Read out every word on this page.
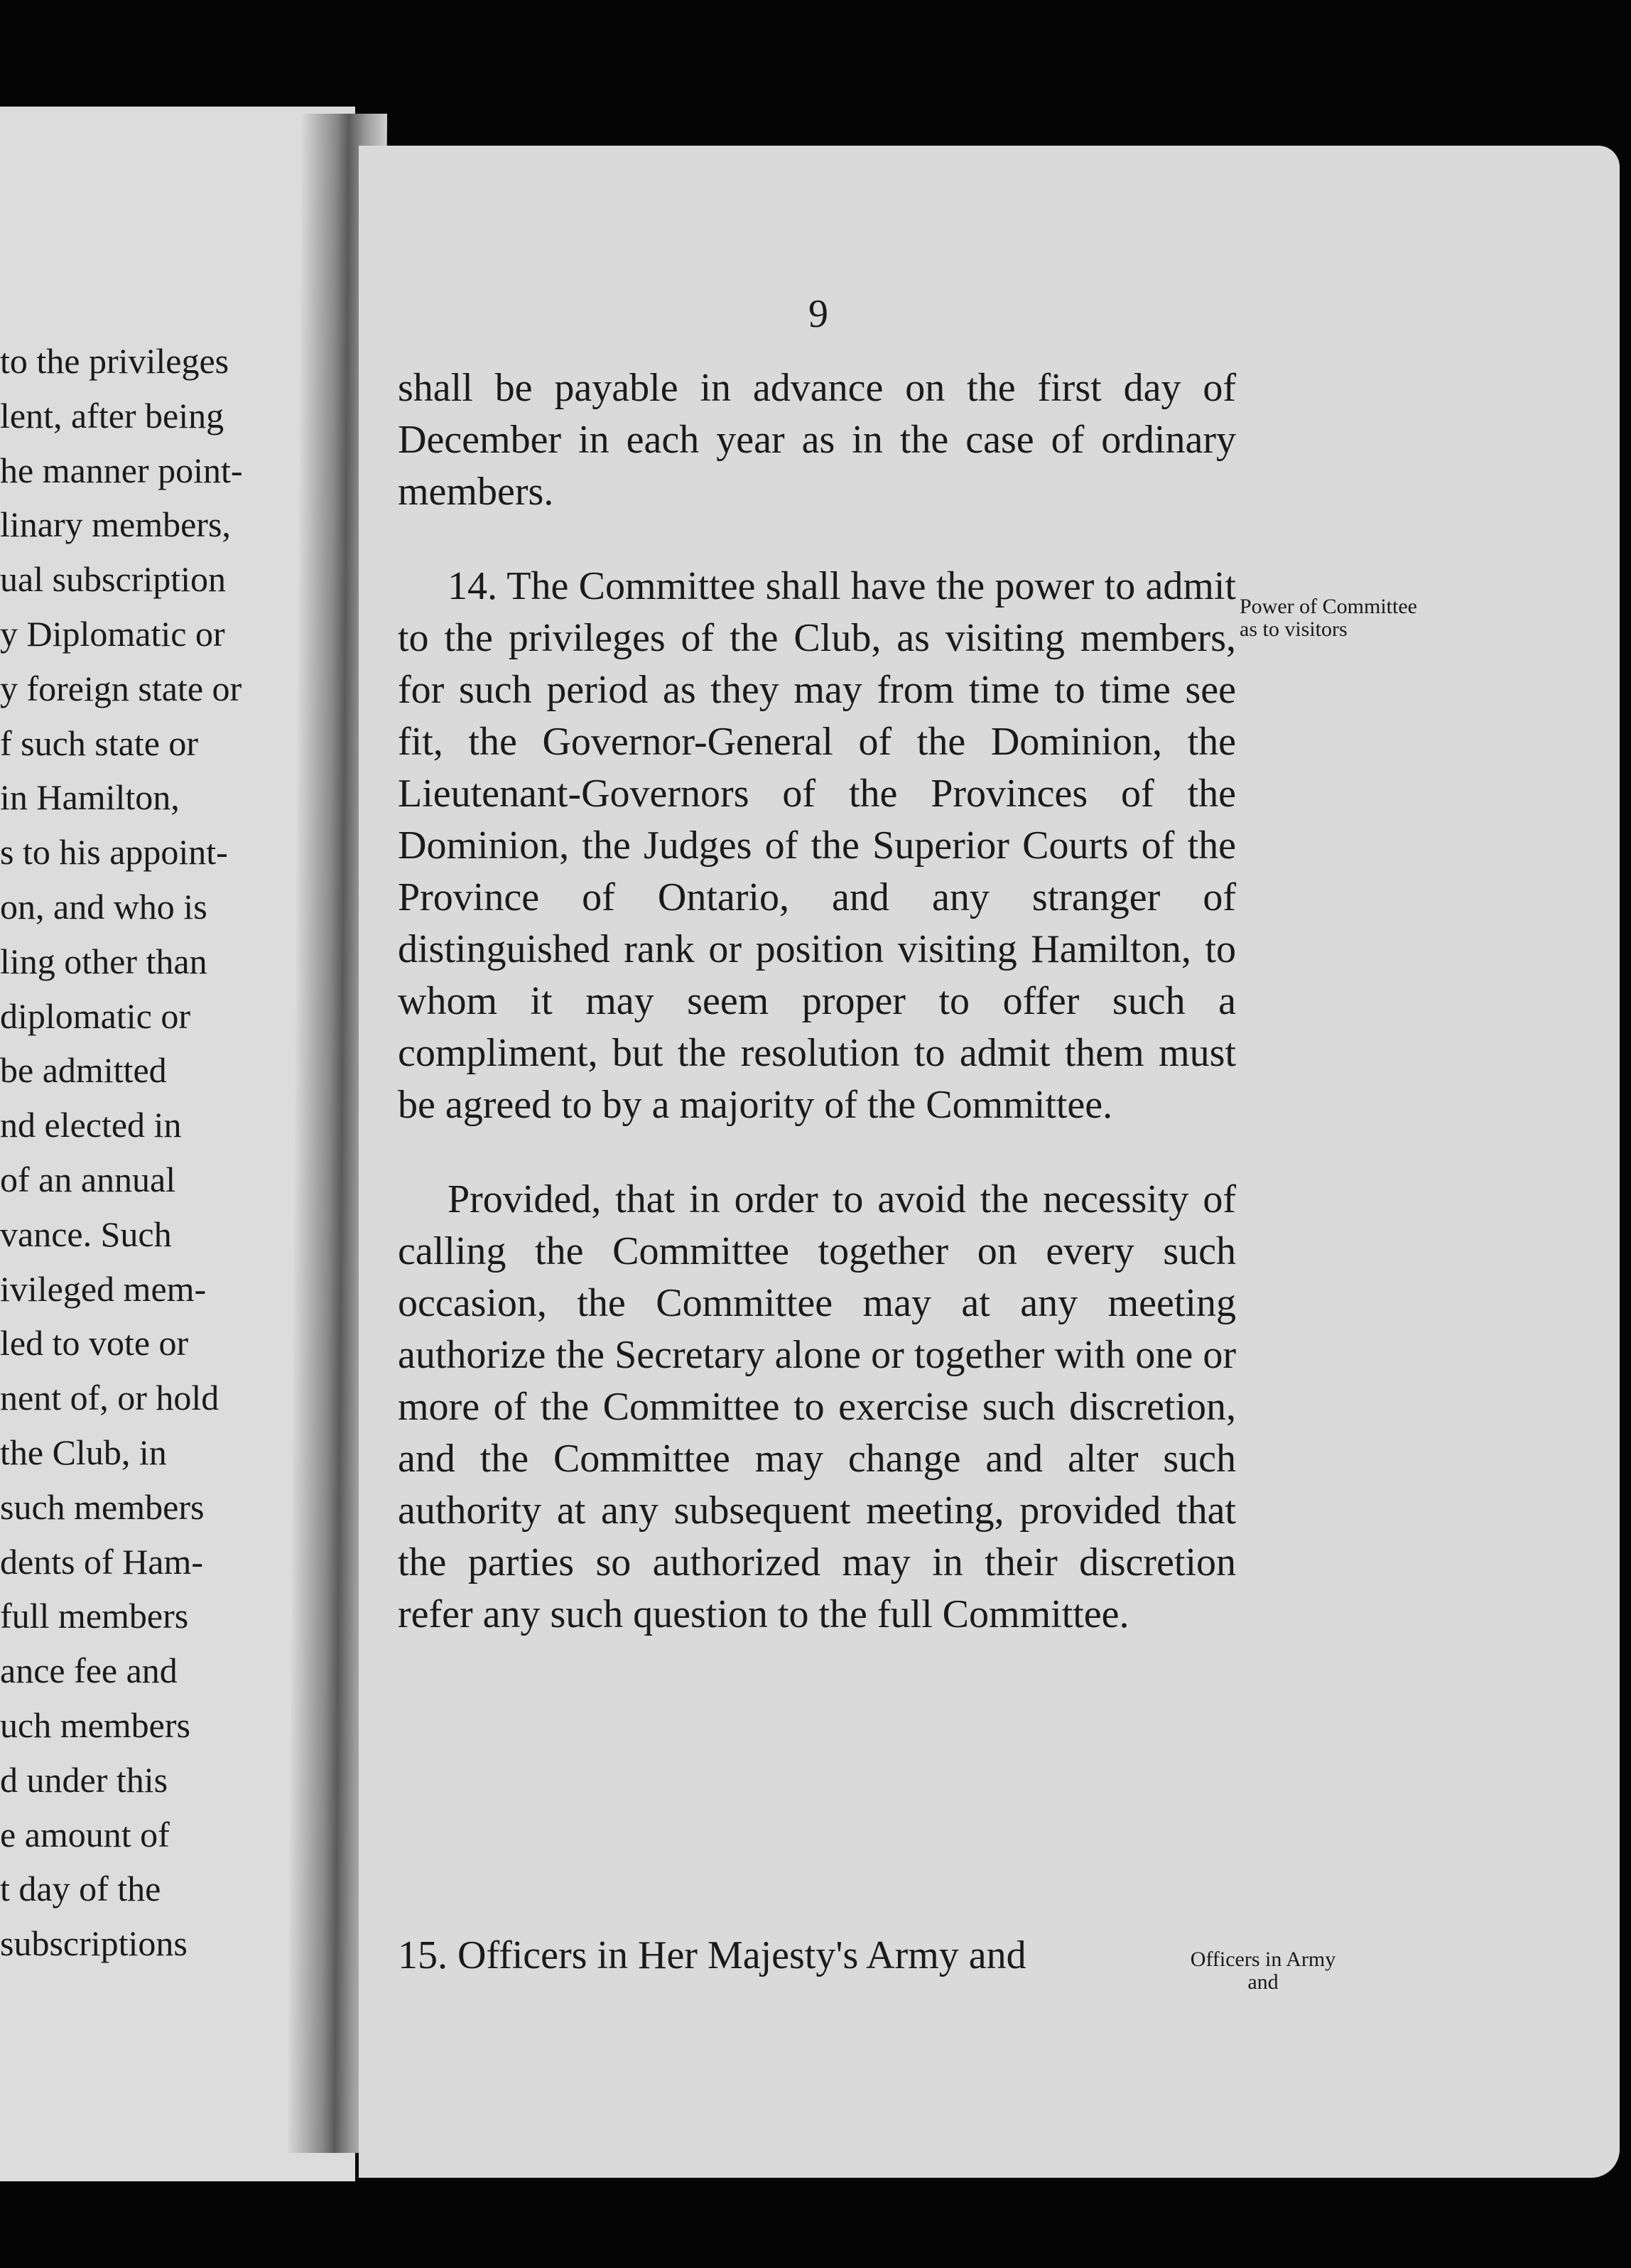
to the privileges
lent, after being
he manner point-
linary members,
ual subscription
y Diplomatic or
y foreign state or
f such state or
in Hamilton,
s to his appoint-
on, and who is
ling other than
diplomatic or
be admitted
nd elected in
of an annual
vance. Such
ivileged mem-
led to vote or
nent of, or hold
the Club, in
such members
dents of Ham-
full members
ance fee and
uch members
d under this
e amount of
t day of the
subscriptions
9

shall be payable in advance on the first day of December in each year as in the case of ordinary members.

14. The Committee shall have the power to admit to the privileges of the Club, as visiting members, for such period as they may from time to time see fit, the Governor-General of the Dominion, the Lieutenant-Governors of the Provinces of the Dominion, the Judges of the Superior Courts of the Province of Ontario, and any stranger of distinguished rank or position visiting Hamilton, to whom it may seem proper to offer such a compliment, but the resolution to admit them must be agreed to by a majority of the Committee.

Provided, that in order to avoid the necessity of calling the Committee together on every such occasion, the Committee may at any meeting authorize the Secretary alone or together with one or more of the Committee to exercise such discretion, and the Committee may change and alter such authority at any subsequent meeting, provided that the parties so authorized may in their discretion refer any such question to the full Committee.

15. Officers in Her Majesty's Army and
Power of Committee as to visitors
Officers in Army and
